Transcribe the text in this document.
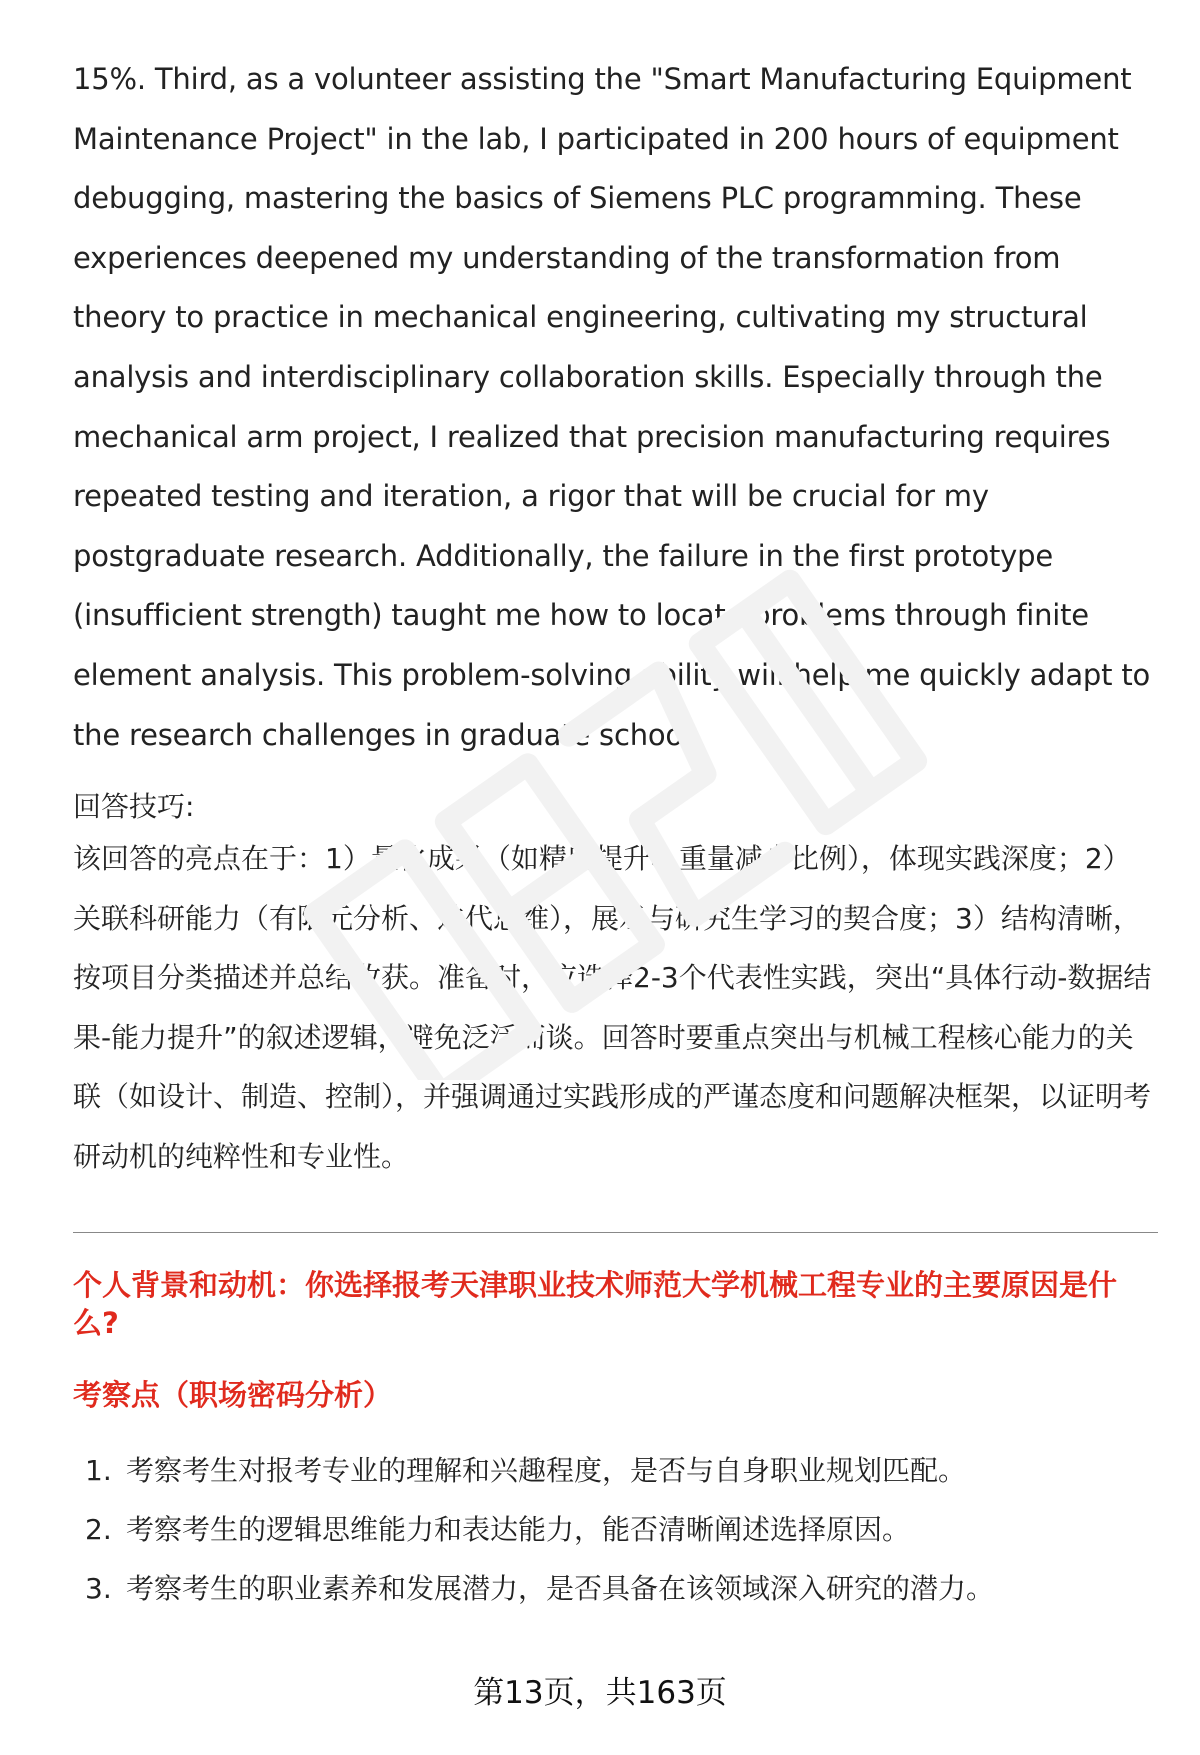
15%. Third, as a volunteer assisting the "Smart Manufacturing Equipment Maintenance Project" in the lab, I participated in 200 hours of equipment debugging, mastering the basics of Siemens PLC programming. These experiences deepened my understanding of the transformation from theory to practice in mechanical engineering, cultivating my structural analysis and interdisciplinary collaboration skills. Especially through the mechanical arm project, I realized that precision manufacturing requires repeated testing and iteration, a rigor that will be crucial for my postgraduate research. Additionally, the failure in the first prototype (insufficient strength) taught me how to locate problems through finite element analysis. This problem-solving ability will help me quickly adapt to the research challenges in graduate school.

回答技巧:

该回答的亮点在于：1）量化成果（如精度提升、重量减少比例），体现实践深度；2）关联科研能力（有限元分析、迭代思维），展示与研究生学习的契合度；3）结构清晰，按项目分类描述并总结收获。准备时，应选择2-3个代表性实践，突出“具体行动-数据结果-能力提升”的叙述逻辑，避免泛泛而谈。回答时要重点突出与机械工程核心能力的关联（如设计、制造、控制），并强调通过实践形成的严谨态度和问题解决框架，以证明考研动机的纯粹性和专业性。

个人背景和动机：你选择报考天津职业技术师范大学机械工程专业的主要原因是什么?
考察点（职场密码分析）
1. 考察考生对报考专业的理解和兴趣程度，是否与自身职业规划匹配。
2. 考察考生的逻辑思维能力和表达能力，能否清晰阐述选择原因。
3. 考察考生的职业素养和发展潜力，是否具备在该领域深入研究的潜力。
第13页，共163页
